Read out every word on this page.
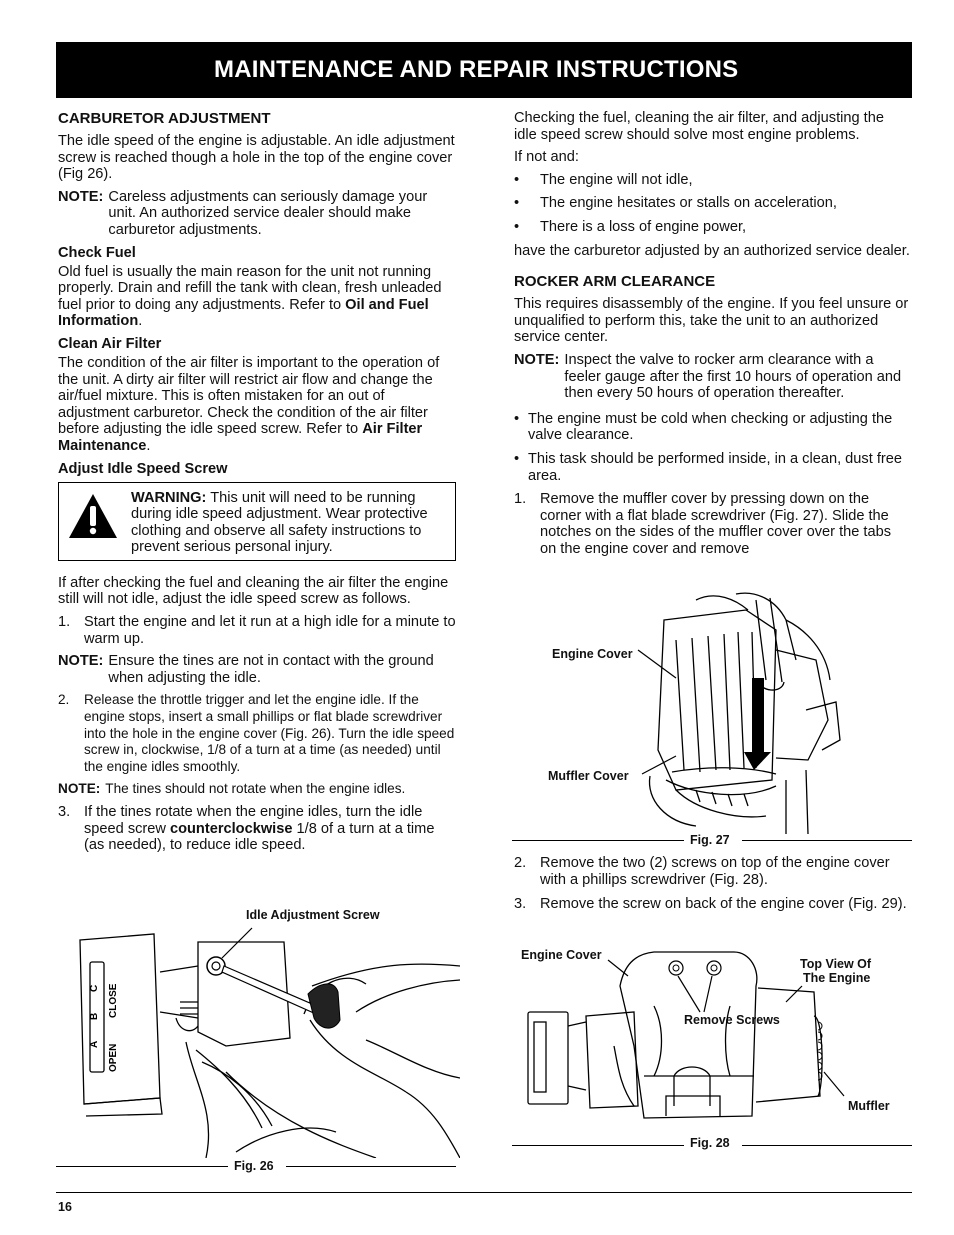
MAINTENANCE AND REPAIR INSTRUCTIONS
CARBURETOR ADJUSTMENT

The idle speed of the engine is adjustable. An idle adjustment screw is reached though a hole in the top of the engine cover (Fig 26).

NOTE: Careless adjustments can seriously damage your unit. An authorized service dealer should make carburetor adjustments.
Check Fuel

Old fuel is usually the main reason for the unit not running properly. Drain and refill the tank with clean, fresh unleaded fuel prior to doing any adjustments. Refer to Oil and Fuel Information.

Clean Air Filter

The condition of the air filter is important to the operation of the unit. A dirty air filter will restrict air flow and change the air/fuel mixture. This is often mistaken for an out of adjustment carburetor. Check the condition of the air filter before adjusting the idle speed screw. Refer to Air Filter Maintenance.

Adjust Idle Speed Screw
WARNING: This unit will need to be running during idle speed adjustment. Wear protective clothing and observe all safety instructions to prevent serious personal injury.

If after checking the fuel and cleaning the air filter the engine still will not idle, adjust the idle speed screw as follows.

1. Start the engine and let it run at a high idle for a minute to warm up.
NOTE: Ensure the tines are not in contact with the ground when adjusting the idle.
2.	Release the throttle trigger and let the engine idle. If the engine stops, insert a small phillips or flat blade screwdriver into the hole in the engine cover (Fig. 26). Turn the idle speed screw in, clockwise, 1/8 of a turn at a time (as needed) until the engine idles smoothly.
NOTE: The tines should not rotate when the engine idles.
3. If the tines rotate when the engine idles, turn the idle speed screw counterclockwise 1/8 of a turn at a time (as needed), to reduce idle speed.
Idle Adjustment Screw
CLOSE
OPEN
A
B
C
Fig. 26

Checking the fuel, cleaning the air filter, and adjusting the idle speed screw should solve most engine problems.

If not and:

•	The engine will not idle,
•	The engine hesitates or stalls on acceleration,
•	There is a loss of engine power,

have the carburetor adjusted by an authorized service dealer.

ROCKER ARM CLEARANCE

This requires disassembly of the engine. If you feel unsure or unqualified to perform this, take the unit to an authorized service center.

NOTE: Inspect the valve to rocker arm clearance with a feeler gauge after the first 10 hours of operation and then every 50 hours of operation thereafter.
• The engine must be cold when checking or adjusting the valve clearance.
• This task should be performed inside, in a clean, dust free area.
1. Remove the muffler cover by pressing down on the corner with a flat blade screwdriver (Fig. 27). Slide the notches on the sides of the muffler cover over the tabs on the engine cover and remove
Engine Cover
Muffler Cover
Fig. 27
2. Remove the two (2) screws on top of the engine cover with a phillips screwdriver (Fig. 28).
3. Remove the screw on back of the engine cover (Fig. 29).
Engine Cover
Top View Of
The Engine
Remove Screws
Muffler
Fig. 28
16
